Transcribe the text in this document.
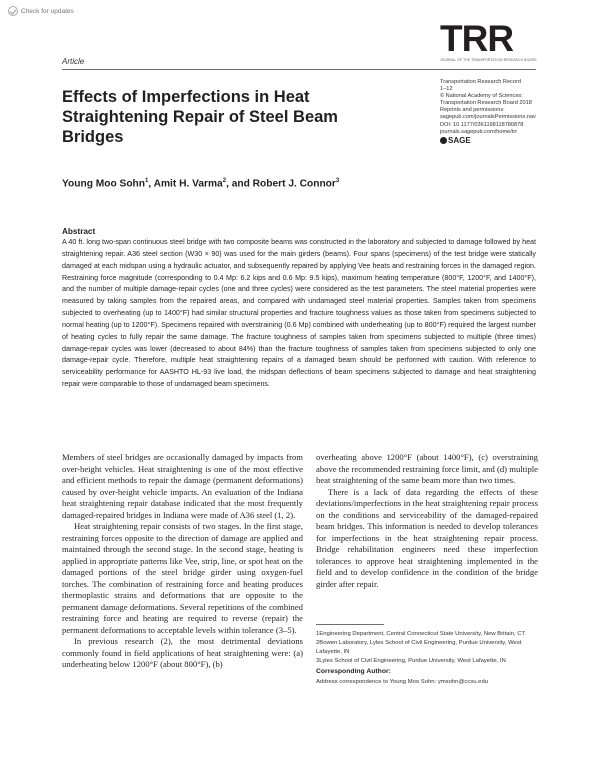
Check for updates
Article
TRR
JOURNAL OF THE TRANSPORTATION RESEARCH BOARD
Transportation Research Record
1–12
© National Academy of Sciences:
Transportation Research Board 2018
Reprints and permissions:
sagepub.com/journalsPermissions.nav
DOI: 10.1177/0361198118780878
journals.sagepub.com/home/trr
SAGE
Effects of Imperfections in Heat Straightening Repair of Steel Beam Bridges
Young Moo Sohn$^1$, Amit H. Varma$^2$, and Robert J. Connor$^3$
Abstract

A 40 ft. long two-span continuous steel bridge with two composite beams was constructed in the laboratory and subjected to damage followed by heat straightening repair. A36 steel section (W30 × 90) was used for the main girders (beams). Four spans (specimens) of the test bridge were statically damaged at each midspan using a hydraulic actuator, and subsequently repaired by applying Vee heats and restraining forces in the damaged region. Restraining force magnitude (corresponding to 0.4 Mp: 6.2 kips and 0.6 Mp: 9.5 kips), maximum heating temperature (800°F, 1200°F, and 1400°F), and the number of multiple damage-repair cycles (one and three cycles) were considered as the test parameters. The steel material properties were measured by taking samples from the repaired areas, and compared with undamaged steel material properties. Samples taken from specimens subjected to overheating (up to 1400°F) had similar structural properties and fracture toughness values as those taken from specimens subjected to normal heating (up to 1200°F). Specimens repaired with overstraining (0.6 Mp) combined with underheating (up to 800°F) required the largest number of heating cycles to fully repair the same damage. The fracture toughness of samples taken from specimens subjected to multiple (three times) damage-repair cycles was lower (decreased to about 84%) than the fracture toughness of samples taken from specimens subjected to only one damage-repair cycle. Therefore, multiple heat straightening repairs of a damaged beam should be performed with caution. With reference to serviceability performance for AASHTO HL-93 live load, the midspan deflections of beam specimens subjected to damage and heat straightening repair were comparable to those of undamaged beam specimens.

Members of steel bridges are occasionally damaged by impacts from over-height vehicles. Heat straightening is one of the most effective and efficient methods to repair the damage (permanent deformations) caused by over-height vehicle impacts. An evaluation of the Indiana heat straightening repair database indicated that the most frequently damaged-repaired bridges in Indiana were made of A36 steel (1, 2).

Heat straightening repair consists of two stages. In the first stage, restraining forces opposite to the direction of damage are applied and maintained through the second stage. In the second stage, heating is applied in appropriate patterns like Vee, strip, line, or spot heat on the damaged portions of the steel bridge girder using oxygen-fuel torches. The combination of restraining force and heating produces thermoplastic strains and deformations that are opposite to the permanent damage deformations. Several repetitions of the combined restraining force and heating are required to reverse (repair) the permanent deformations to acceptable levels within tolerance (3–5).

In previous research (2), the most detrimental deviations commonly found in field applications of heat straightening were: (a) underheating below 1200°F (about 800°F), (b)

overheating above 1200°F (about 1400°F), (c) overstraining above the recommended restraining force limit, and (d) multiple heat straightening of the same beam more than two times.

There is a lack of data regarding the effects of these deviations/imperfections in the heat straightening repair process on the conditions and serviceability of the damaged-repaired beam bridges. This information is needed to develop tolerances for imperfections in the heat straightening repair process. Bridge rehabilitation engineers need these imperfection tolerances to approve heat straightening implemented in the field and to develop confidence in the condition of the bridge girder after repair.

1Engineering Department, Central Connecticut State University, New Britain, CT
2Bowen Laboratory, Lyles School of Civil Engineering, Purdue University, West Lafayette, IN
3Lyles School of Civil Engineering, Purdue University, West Lafayette, IN
Corresponding Author:
Address correspondence to Young Moo Sohn: ymsohn@ccsu.edu
